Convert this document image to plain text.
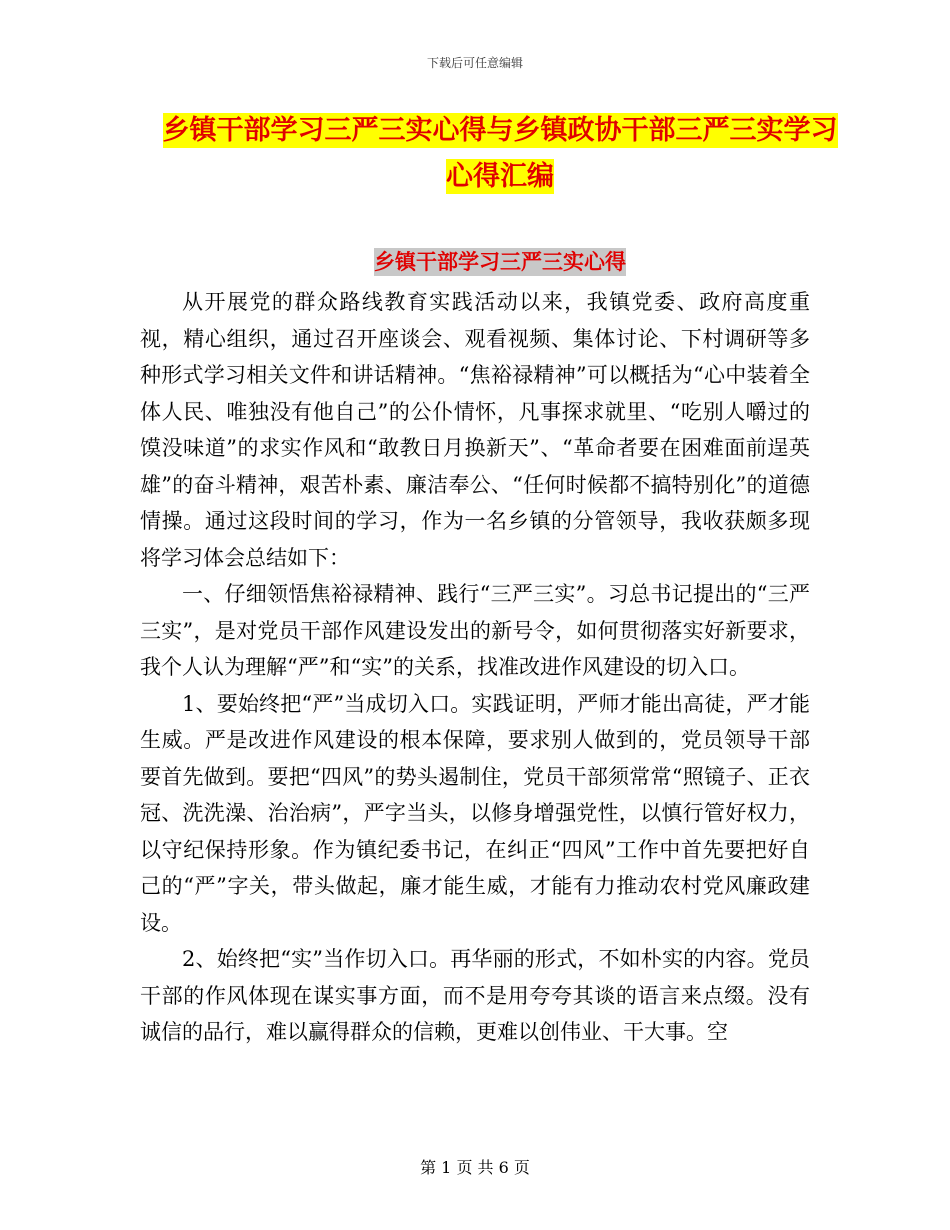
下载后可任意编辑
乡镇干部学习三严三实心得与乡镇政协干部三严三实学习心得汇编
乡镇干部学习三严三实心得

从开展党的群众路线教育实践活动以来，我镇党委、政府高度重视，精心组织，通过召开座谈会、观看视频、集体讨论、下村调研等多种形式学习相关文件和讲话精神。“焦裕禄精神”可以概括为“心中装着全体人民、唯独没有他自己”的公仆情怀，凡事探求就里、“吃别人嚼过的馍没味道”的求实作风和“敢教日月换新天”、“革命者要在困难面前逞英雄”的奋斗精神，艰苦朴素、廉洁奉公、“任何时候都不搞特别化”的道德情操。通过这段时间的学习，作为一名乡镇的分管领导，我收获颇多现将学习体会总结如下：

一、仔细领悟焦裕禄精神、践行“三严三实”。习总书记提出的“三严三实”，是对党员干部作风建设发出的新号令，如何贯彻落实好新要求，我个人认为理解“严”和“实”的关系，找准改进作风建设的切入口。

1、要始终把“严”当成切入口。实践证明，严师才能出高徒，严才能生威。严是改进作风建设的根本保障，要求别人做到的，党员领导干部要首先做到。要把“四风”的势头遏制住，党员干部须常常“照镜子、正衣冠、洗洗澡、治治病”，严字当头，以修身增强党性，以慎行管好权力，以守纪保持形象。作为镇纪委书记，在纠正“四风”工作中首先要把好自己的“严”字关，带头做起，廉才能生威，才能有力推动农村党风廉政建设。

2、始终把“实”当作切入口。再华丽的形式，不如朴实的内容。党员干部的作风体现在谋实事方面，而不是用夸夸其谈的语言来点缀。没有诚信的品行，难以赢得群众的信赖，更难以创伟业、干大事。空

第 1 页 共 6 页
